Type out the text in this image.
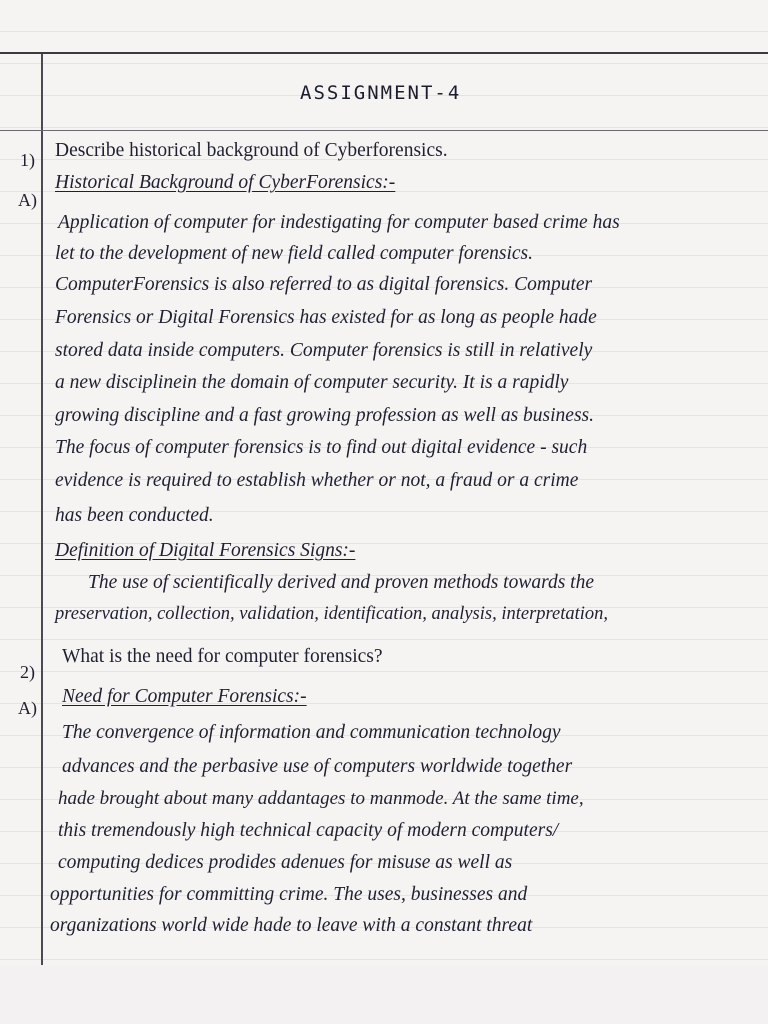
ASSIGNMENT-4
1)
A)
2)
A)
Describe historical background of Cyberforensics.
Historical Background of CyberForensics:-
Application of computer for indestigating for computer based crime has
let to the development of new field called computer forensics.
ComputerForensics is also referred to as digital forensics. Computer
Forensics or Digital Forensics has existed for as long as people hade
stored data inside computers. Computer forensics is still in relatively
a new disciplinein the domain of computer security. It is a rapidly
growing discipline and a fast growing profession as well as business.
The focus of computer forensics is to find out digital evidence - such
evidence is required to establish whether or not, a fraud or a crime
has been conducted.
Definition of Digital Forensics Signs:-
The use of scientifically derived and proven methods towards the
preservation, collection, validation, identification, analysis, interpretation,
What is the need for computer forensics?
Need for Computer Forensics:-
The convergence of information and communication technology
advances and the perbasive use of computers worldwide together
hade brought about many addantages to manmode. At the same time,
this tremendously high technical capacity of modern computers/
computing dedices prodides adenues for misuse as well as
opportunities for committing crime. The uses, businesses and
organizations world wide hade to leave with a constant threat
